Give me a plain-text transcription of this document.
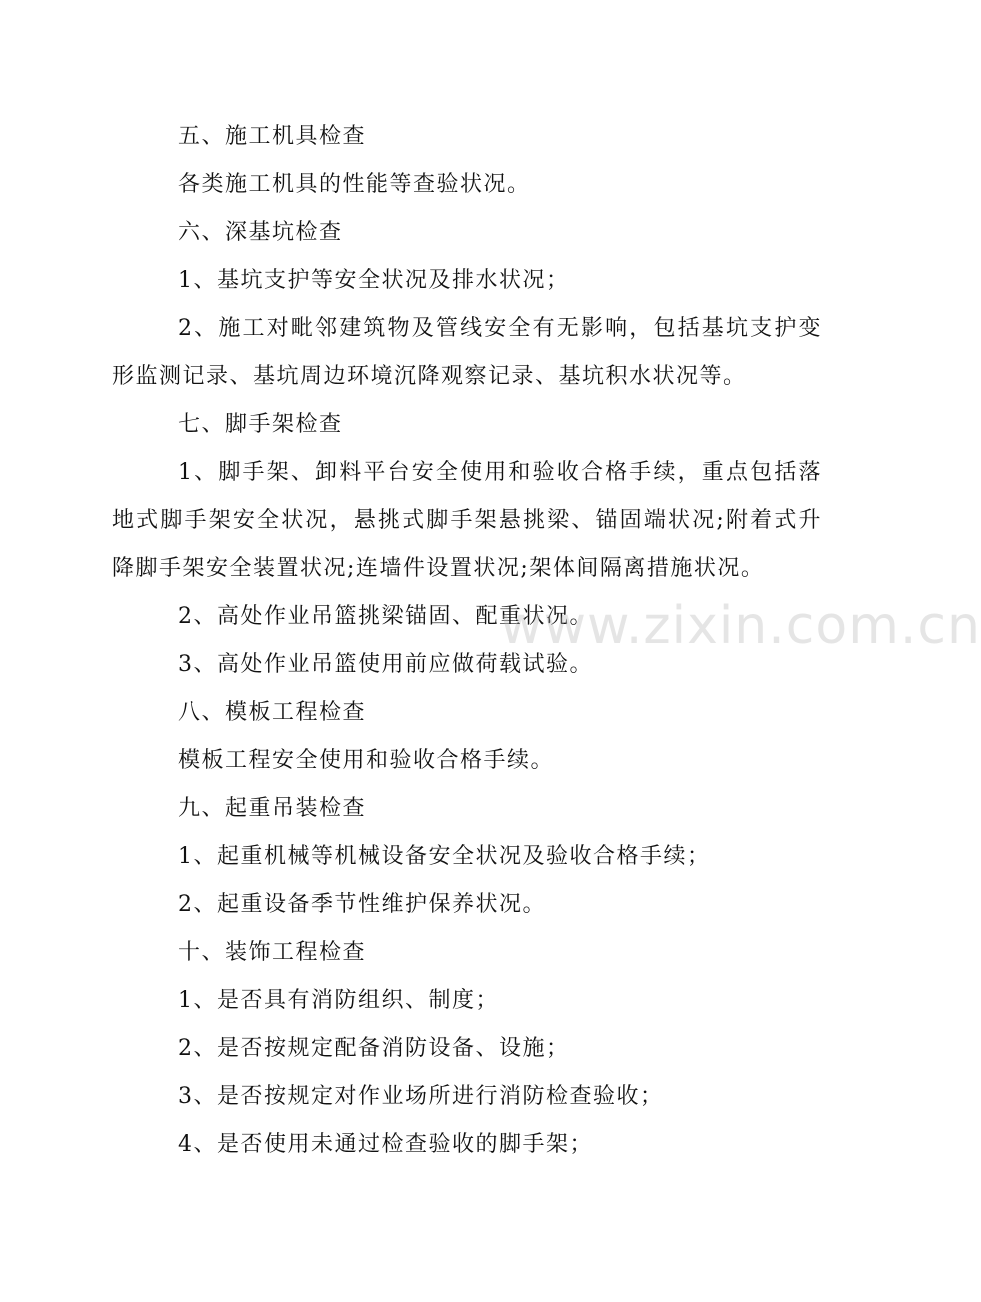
五、施工机具检查

各类施工机具的性能等查验状况。

六、深基坑检查

1、基坑支护等安全状况及排水状况；

2、施工对毗邻建筑物及管线安全有无影响，包括基坑支护变形监测记录、基坑周边环境沉降观察记录、基坑积水状况等。

七、脚手架检查

1、脚手架、卸料平台安全使用和验收合格手续，重点包括落地式脚手架安全状况，悬挑式脚手架悬挑梁、锚固端状况;附着式升降脚手架安全装置状况;连墙件设置状况;架体间隔离措施状况。

2、高处作业吊篮挑梁锚固、配重状况。

3、高处作业吊篮使用前应做荷载试验。

八、模板工程检查

模板工程安全使用和验收合格手续。

九、起重吊装检查

1、起重机械等机械设备安全状况及验收合格手续；

2、起重设备季节性维护保养状况。

十、装饰工程检查

1、是否具有消防组织、制度；

2、是否按规定配备消防设备、设施；

3、是否按规定对作业场所进行消防检查验收；

4、是否使用未通过检查验收的脚手架；

www.zixin.com.cn
